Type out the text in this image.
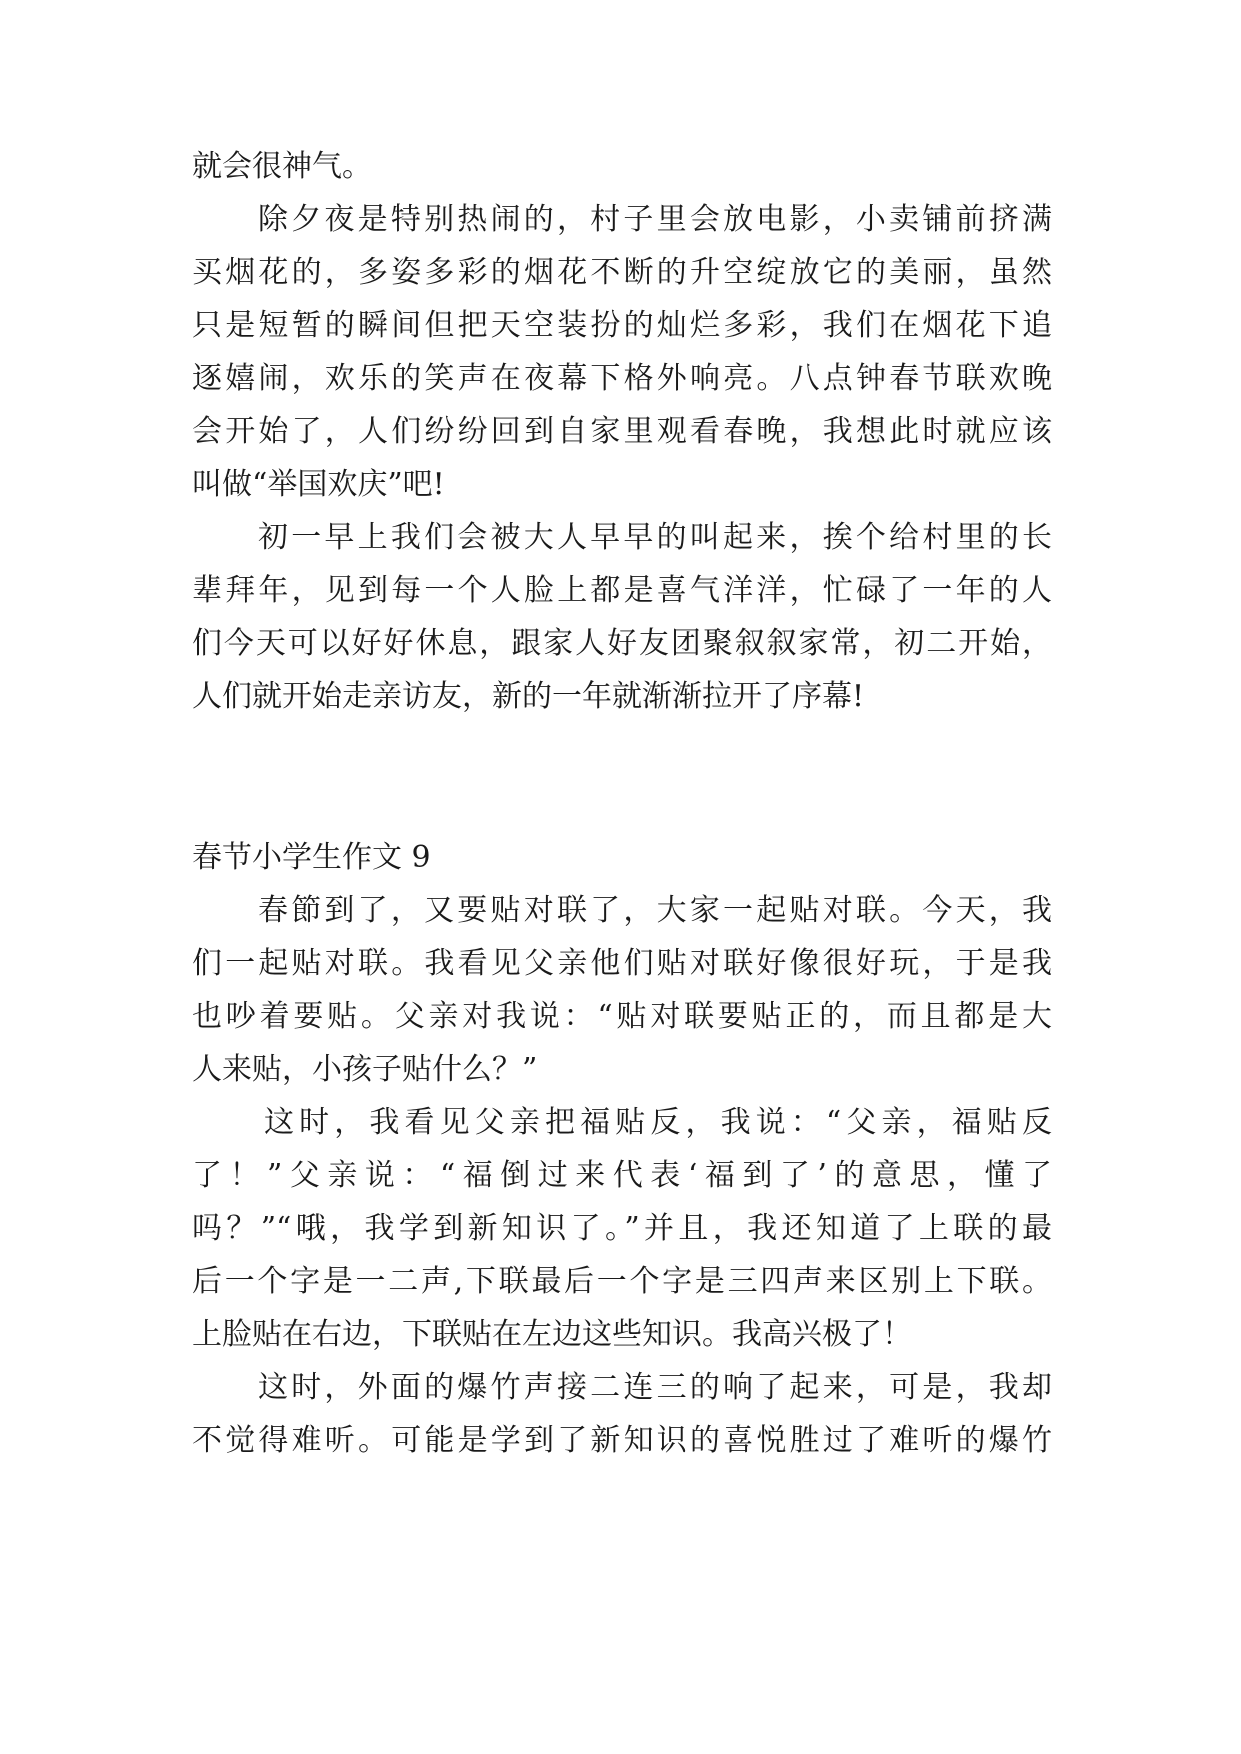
就会很神气。
除夕夜是特别热闹的，村子里会放电影，小卖铺前挤满
买烟花的，多姿多彩的烟花不断的升空绽放它的美丽，虽然
只是短暂的瞬间但把天空装扮的灿烂多彩，我们在烟花下追
逐嬉闹，欢乐的笑声在夜幕下格外响亮。八点钟春节联欢晚
会开始了，人们纷纷回到自家里观看春晚，我想此时就应该
叫做“举国欢庆”吧!
初一早上我们会被大人早早的叫起来，挨个给村里的长
辈拜年，见到每一个人脸上都是喜气洋洋，忙碌了一年的人
们今天可以好好休息，跟家人好友团聚叙叙家常，初二开始，
人们就开始走亲访友，新的一年就渐渐拉开了序幕!
春节小学生作文 9
春節到了，又要贴对联了，大家一起贴对联。今天，我
们一起贴对联。我看见父亲他们贴对联好像很好玩，于是我
也吵着要贴。父亲对我说：“贴对联要贴正的，而且都是大
人来贴，小孩子贴什么？”
这时，我看见父亲把福贴反，我说：“父亲，福贴反
了！”父亲说：“福倒过来代表‘福到了’的意思，懂了
吗？”“哦，我学到新知识了。”并且，我还知道了上联的最
后一个字是一二声,下联最后一个字是三四声来区别上下联。
上脸贴在右边，下联贴在左边这些知识。我高兴极了！
这时，外面的爆竹声接二连三的响了起来，可是，我却
不觉得难听。可能是学到了新知识的喜悦胜过了难听的爆竹
